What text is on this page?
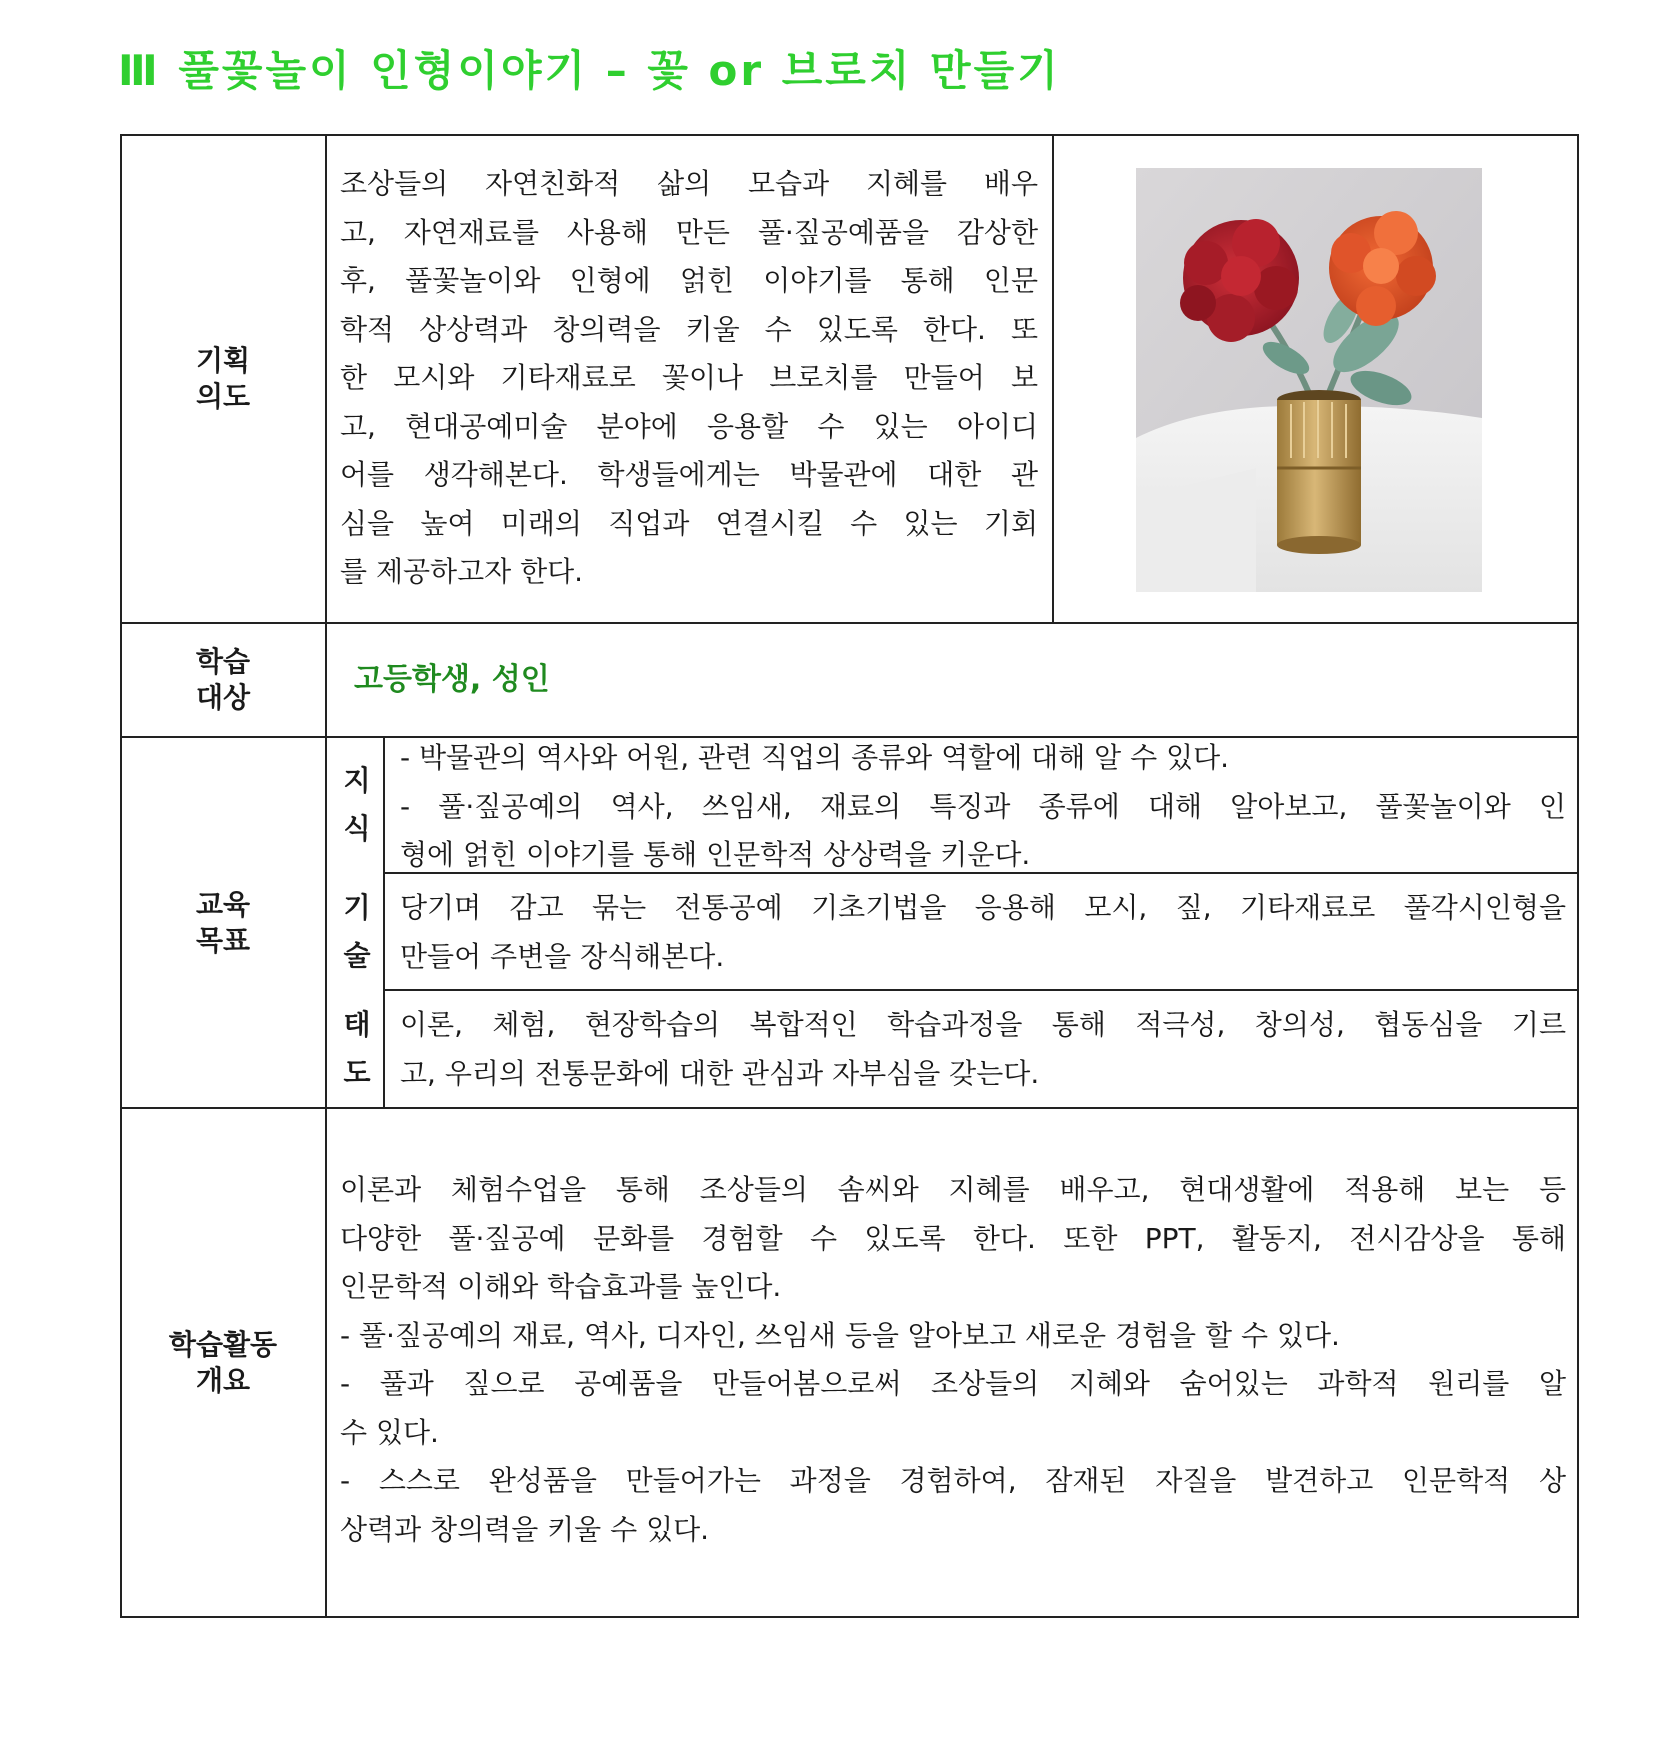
Ⅲ 풀꽃놀이 인형이야기 – 꽃 or 브로치 만들기
기획
의도
조상들의 자연친화적 삶의 모습과 지혜를 배우
고, 자연재료를 사용해 만든 풀·짚공예품을 감상한
후, 풀꽃놀이와 인형에 얽힌 이야기를 통해 인문
학적 상상력과 창의력을 키울 수 있도록 한다. 또
한 모시와 기타재료로 꽃이나 브로치를 만들어 보
고, 현대공예미술 분야에 응용할 수 있는 아이디
어를 생각해본다. 학생들에게는 박물관에 대한 관
심을 높여 미래의 직업과 연결시킬 수 있는 기회
를 제공하고자 한다.
학습
대상
고등학생, 성인
교육
목표
지
식
- 박물관의 역사와 어원, 관련 직업의 종류와 역할에 대해 알 수 있다.
- 풀·짚공예의 역사, 쓰임새, 재료의 특징과 종류에 대해 알아보고, 풀꽃놀이와 인
형에 얽힌 이야기를 통해 인문학적 상상력을 키운다.
기
술
당기며 감고 묶는 전통공예 기초기법을 응용해 모시, 짚, 기타재료로 풀각시인형을
만들어 주변을 장식해본다.
태
도
이론, 체험, 현장학습의 복합적인 학습과정을 통해 적극성, 창의성, 협동심을 기르
고, 우리의 전통문화에 대한 관심과 자부심을 갖는다.
학습활동
개요
이론과 체험수업을 통해 조상들의 솜씨와 지혜를 배우고, 현대생활에 적용해 보는 등
다양한 풀·짚공예 문화를 경험할 수 있도록 한다. 또한 PPT, 활동지, 전시감상을 통해
인문학적 이해와 학습효과를 높인다.
- 풀·짚공예의 재료, 역사, 디자인, 쓰임새 등을 알아보고 새로운 경험을 할 수 있다.
- 풀과 짚으로 공예품을 만들어봄으로써 조상들의 지혜와 숨어있는 과학적 원리를 알
수 있다.
- 스스로 완성품을 만들어가는 과정을 경험하여, 잠재된 자질을 발견하고 인문학적 상
상력과 창의력을 키울 수 있다.
